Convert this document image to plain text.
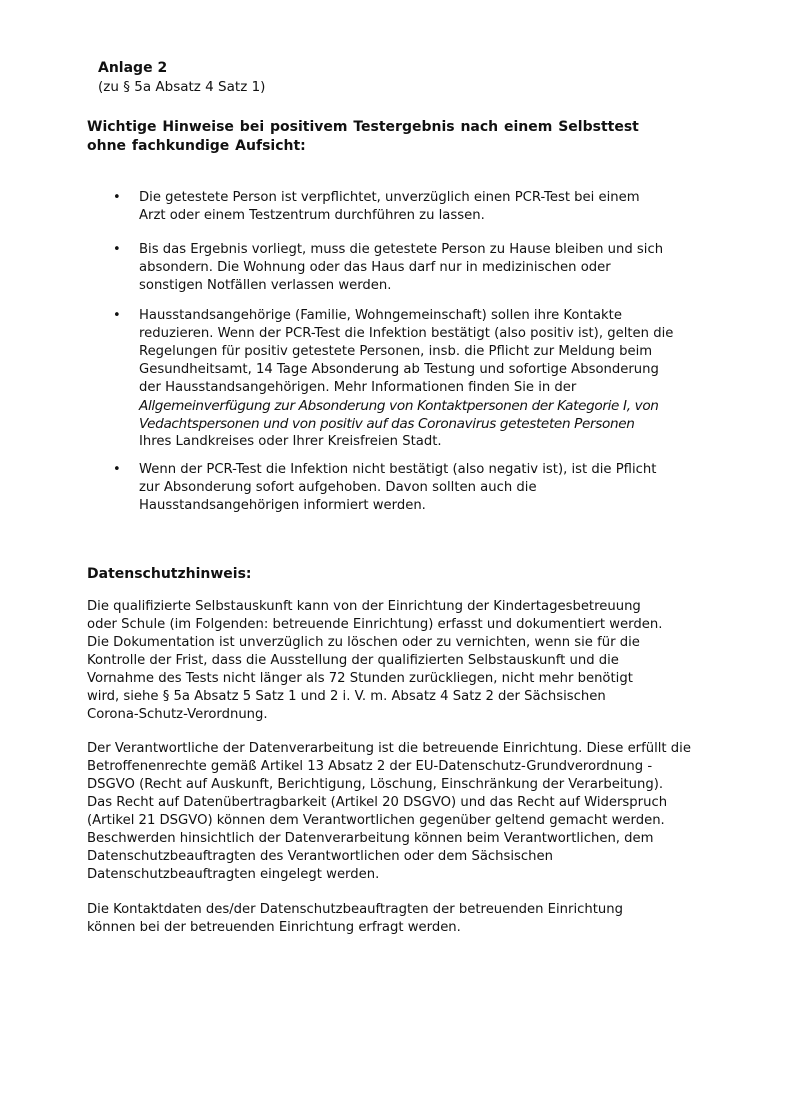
Anlage 2
(zu § 5a Absatz 4 Satz 1)
Wichtige Hinweise bei positivem Testergebnis nach einem Selbsttest
ohne fachkundige Aufsicht:
• Die getestete Person ist verpflichtet, unverzüglich einen PCR-Test bei einem
Arzt oder einem Testzentrum durchführen zu lassen.
• Bis das Ergebnis vorliegt, muss die getestete Person zu Hause bleiben und sich
absondern. Die Wohnung oder das Haus darf nur in medizinischen oder
sonstigen Notfällen verlassen werden.
• Hausstandsangehörige (Familie, Wohngemeinschaft) sollen ihre Kontakte
reduzieren. Wenn der PCR-Test die Infektion bestätigt (also positiv ist), gelten die
Regelungen für positiv getestete Personen, insb. die Pflicht zur Meldung beim
Gesundheitsamt, 14 Tage Absonderung ab Testung und sofortige Absonderung
der Hausstandsangehörigen. Mehr Informationen finden Sie in der
Allgemeinverfügung zur Absonderung von Kontaktpersonen der Kategorie I, von
Vedachtspersonen und von positiv auf das Coronavirus getesteten Personen
Ihres Landkreises oder Ihrer Kreisfreien Stadt.
• Wenn der PCR-Test die Infektion nicht bestätigt (also negativ ist), ist die Pflicht
zur Absonderung sofort aufgehoben. Davon sollten auch die
Hausstandsangehörigen informiert werden.
Datenschutzhinweis:
Die qualifizierte Selbstauskunft kann von der Einrichtung der Kindertagesbetreuung
oder Schule (im Folgenden: betreuende Einrichtung) erfasst und dokumentiert werden.
Die Dokumentation ist unverzüglich zu löschen oder zu vernichten, wenn sie für die
Kontrolle der Frist, dass die Ausstellung der qualifizierten Selbstauskunft und die
Vornahme des Tests nicht länger als 72 Stunden zurückliegen, nicht mehr benötigt
wird, siehe § 5a Absatz 5 Satz 1 und 2 i. V. m. Absatz 4 Satz 2 der Sächsischen
Corona-Schutz-Verordnung.
Der Verantwortliche der Datenverarbeitung ist die betreuende Einrichtung. Diese erfüllt die
Betroffenenrechte gemäß Artikel 13 Absatz 2 der EU-Datenschutz-Grundverordnung -
DSGVO (Recht auf Auskunft, Berichtigung, Löschung, Einschränkung der Verarbeitung).
Das Recht auf Datenübertragbarkeit (Artikel 20 DSGVO) und das Recht auf Widerspruch
(Artikel 21 DSGVO) können dem Verantwortlichen gegenüber geltend gemacht werden.
Beschwerden hinsichtlich der Datenverarbeitung können beim Verantwortlichen, dem
Datenschutzbeauftragten des Verantwortlichen oder dem Sächsischen
Datenschutzbeauftragten eingelegt werden.
Die Kontaktdaten des/der Datenschutzbeauftragten der betreuenden Einrichtung
können bei der betreuenden Einrichtung erfragt werden.
